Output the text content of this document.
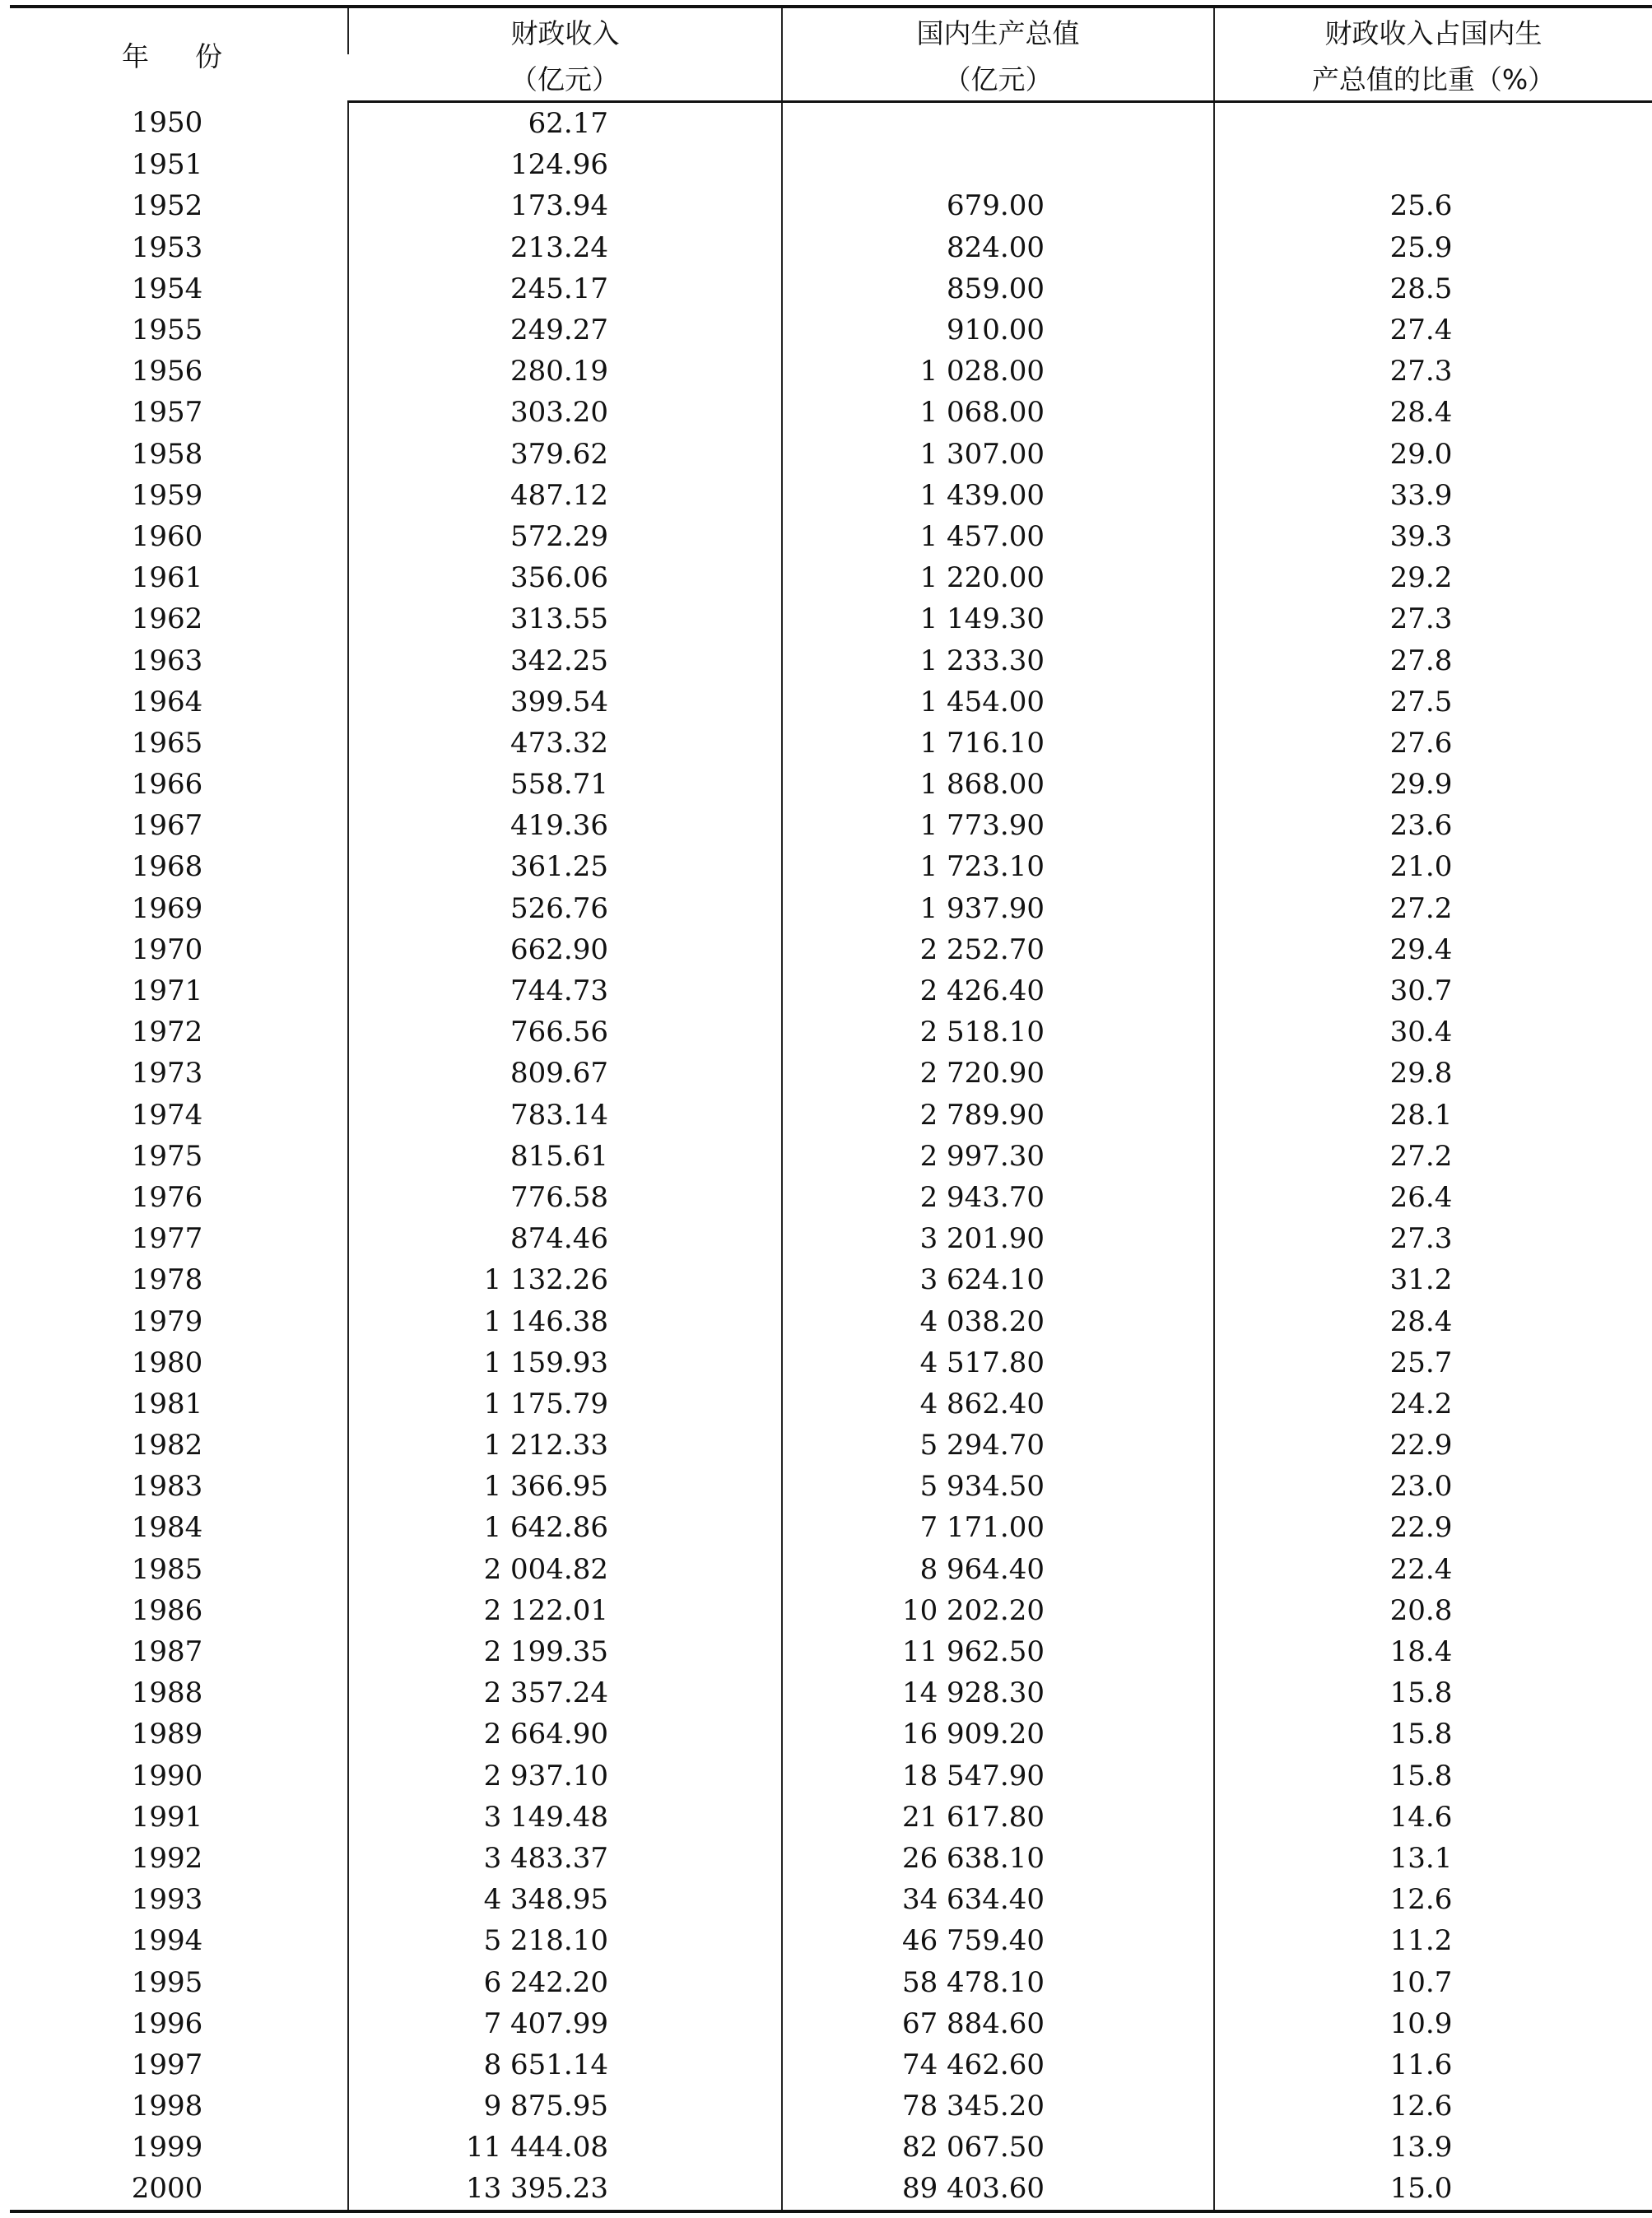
年份	财政收入	国内生产总值	财政收入占国内生
	（亿元）	（亿元）	产总值的比重（%）
1950	62.17		
1951	124.96		
1952	173.94	679.00	25.6
1953	213.24	824.00	25.9
1954	245.17	859.00	28.5
1955	249.27	910.00	27.4
1956	280.19	1 028.00	27.3
1957	303.20	1 068.00	28.4
1958	379.62	1 307.00	29.0
1959	487.12	1 439.00	33.9
1960	572.29	1 457.00	39.3
1961	356.06	1 220.00	29.2
1962	313.55	1 149.30	27.3
1963	342.25	1 233.30	27.8
1964	399.54	1 454.00	27.5
1965	473.32	1 716.10	27.6
1966	558.71	1 868.00	29.9
1967	419.36	1 773.90	23.6
1968	361.25	1 723.10	21.0
1969	526.76	1 937.90	27.2
1970	662.90	2 252.70	29.4
1971	744.73	2 426.40	30.7
1972	766.56	2 518.10	30.4
1973	809.67	2 720.90	29.8
1974	783.14	2 789.90	28.1
1975	815.61	2 997.30	27.2
1976	776.58	2 943.70	26.4
1977	874.46	3 201.90	27.3
1978	1 132.26	3 624.10	31.2
1979	1 146.38	4 038.20	28.4
1980	1 159.93	4 517.80	25.7
1981	1 175.79	4 862.40	24.2
1982	1 212.33	5 294.70	22.9
1983	1 366.95	5 934.50	23.0
1984	1 642.86	7 171.00	22.9
1985	2 004.82	8 964.40	22.4
1986	2 122.01	10 202.20	20.8
1987	2 199.35	11 962.50	18.4
1988	2 357.24	14 928.30	15.8
1989	2 664.90	16 909.20	15.8
1990	2 937.10	18 547.90	15.8
1991	3 149.48	21 617.80	14.6
1992	3 483.37	26 638.10	13.1
1993	4 348.95	34 634.40	12.6
1994	5 218.10	46 759.40	11.2
1995	6 242.20	58 478.10	10.7
1996	7 407.99	67 884.60	10.9
1997	8 651.14	74 462.60	11.6
1998	9 875.95	78 345.20	12.6
1999	11 444.08	82 067.50	13.9
2000	13 395.23	89 403.60	15.0
